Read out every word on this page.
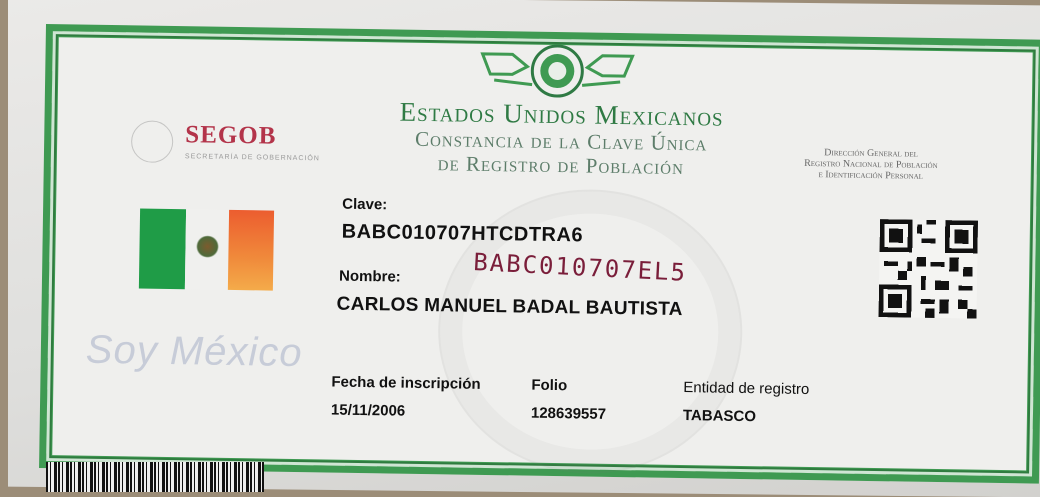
Estados Unidos Mexicanos
Constancia de la Clave Única
de Registro de Población
SEGOB
SECRETARÍA DE GOBERNACIÓN	Dirección General del
Registro Nacional de Población
e Identificación Personal
Clave:
BABC010707HTCDTRA6
BABC010707EL5
Nombre:
CARLOS MANUEL BADAL BAUTISTA
Soy México
Fecha de inscripción
15/11/2006
Folio
128639557
Entidad de registro
TABASCO
